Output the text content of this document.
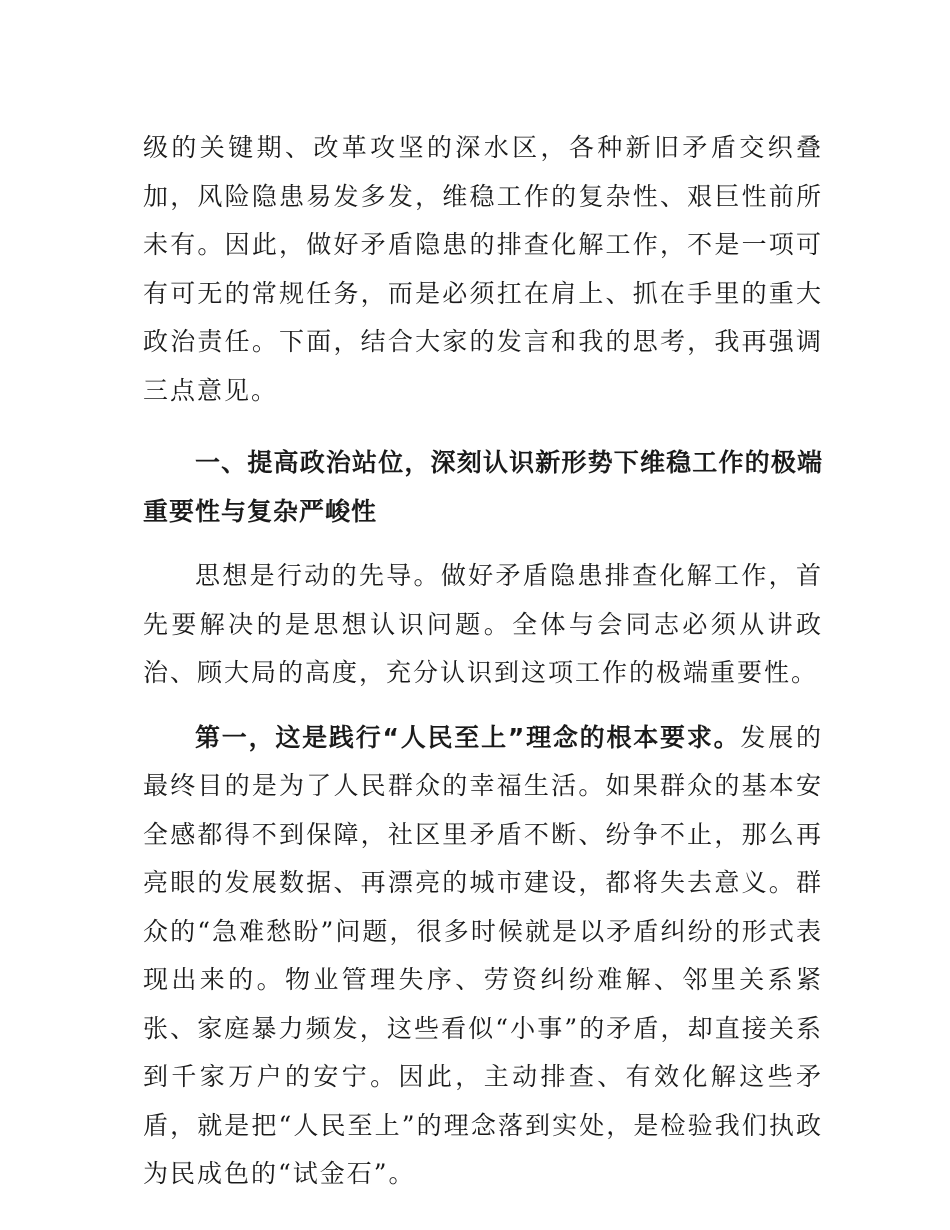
级的关键期、改革攻坚的深水区，各种新旧矛盾交织叠加，风险隐患易发多发，维稳工作的复杂性、艰巨性前所未有。因此，做好矛盾隐患的排查化解工作，不是一项可有可无的常规任务，而是必须扛在肩上、抓在手里的重大政治责任。下面，结合大家的发言和我的思考，我再强调三点意见。

一、提高政治站位，深刻认识新形势下维稳工作的极端重要性与复杂严峻性

思想是行动的先导。做好矛盾隐患排查化解工作，首先要解决的是思想认识问题。全体与会同志必须从讲政治、顾大局的高度，充分认识到这项工作的极端重要性。

第一，这是践行“人民至上”理念的根本要求。发展的最终目的是为了人民群众的幸福生活。如果群众的基本安全感都得不到保障，社区里矛盾不断、纷争不止，那么再亮眼的发展数据、再漂亮的城市建设，都将失去意义。群众的“急难愁盼”问题，很多时候就是以矛盾纠纷的形式表现出来的。物业管理失序、劳资纠纷难解、邻里关系紧张、家庭暴力频发，这些看似“小事”的矛盾，却直接关系到千家万户的安宁。因此，主动排查、有效化解这些矛盾，就是把“人民至上”的理念落到实处，是检验我们执政为民成色的“试金石”。
